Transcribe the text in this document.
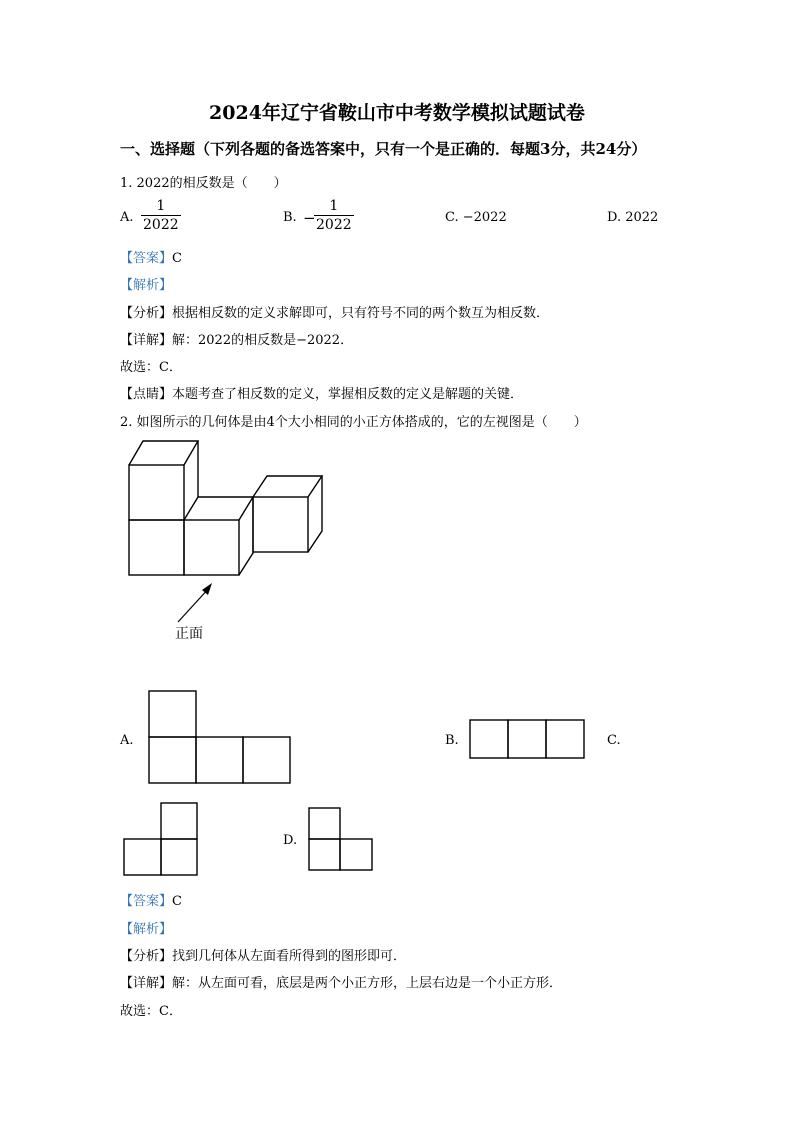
2024年辽宁省鞍山市中考数学模拟试题试卷
一、选择题（下列各题的备选答案中，只有一个是正确的．每题3分，共24分）
1. 2022的相反数是（　　）
A.
1
2022	B. −
1
2022	C. −2022	D. 2022
【答案】C
【解析】
【分析】根据相反数的定义求解即可，只有符号不同的两个数互为相反数．
【详解】解：2022的相反数是−2022．
故选：C．
【点睛】本题考查了相反数的定义，掌握相反数的定义是解题的关键．
2. 如图所示的几何体是由4个大小相同的小正方体搭成的，它的左视图是（　　）
正面
A.	B.	C.
D.
【答案】C
【解析】
【分析】找到几何体从左面看所得到的图形即可．
【详解】解：从左面可看，底层是两个小正方形，上层右边是一个小正方形．
故选：C．
